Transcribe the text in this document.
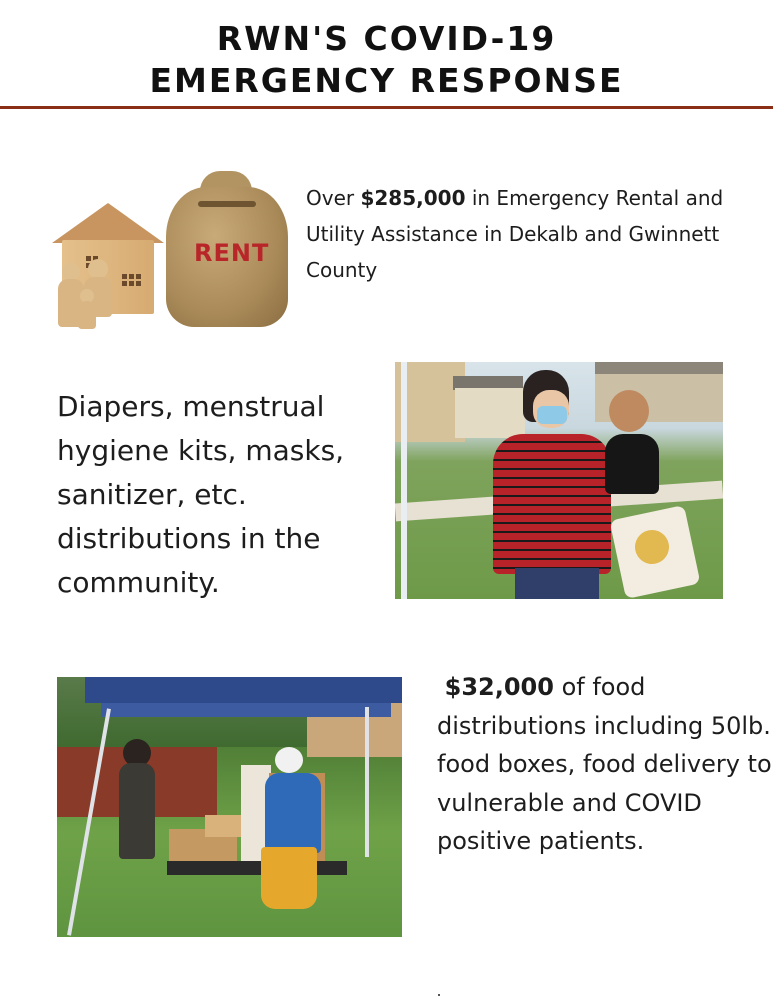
RWN'S COVID-19
EMERGENCY RESPONSE
RENT
Over $285,000 in Emergency Rental and Utility Assistance in Dekalb and Gwinnett County
Diapers, menstrual hygiene kits, masks, sanitizer, etc. distributions in the community.
$32,000 of food distributions including 50lb. food boxes, food delivery to vulnerable and COVID positive patients.
